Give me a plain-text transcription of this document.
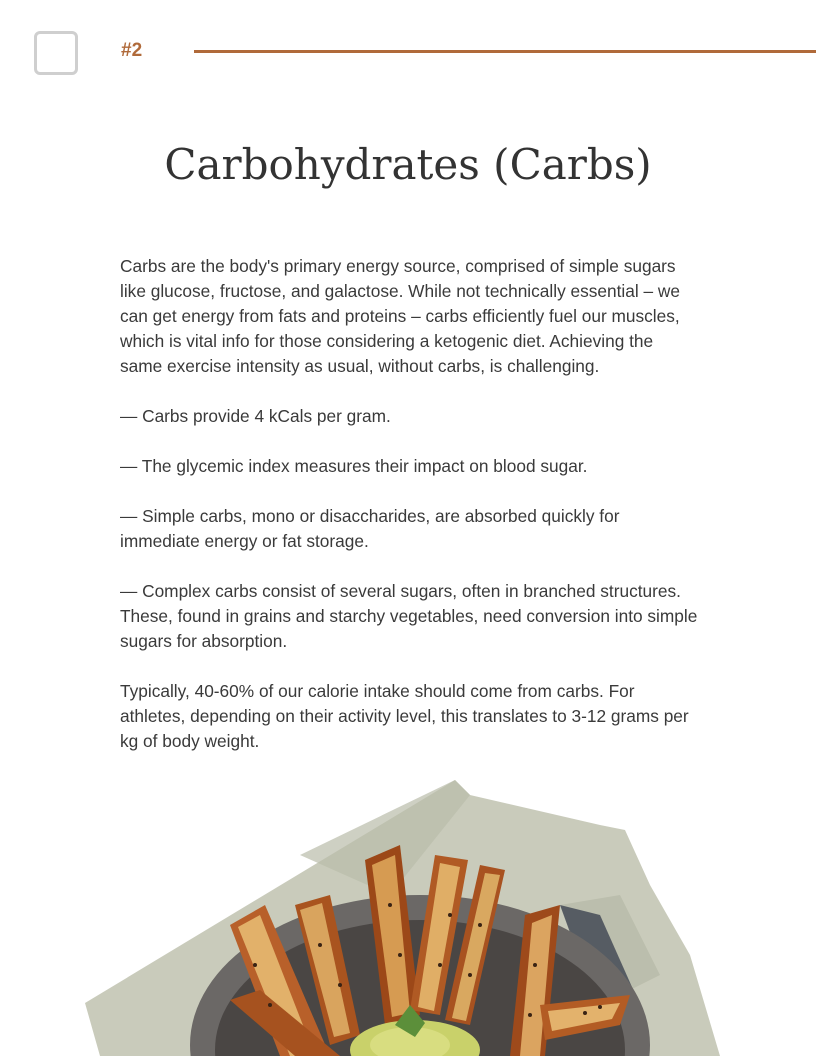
#2
Carbohydrates (Carbs)

Carbs are the body's primary energy source, comprised of simple sugars like glucose, fructose, and galactose. While not technically essential – we can get energy from fats and proteins – carbs efficiently fuel our muscles, which is vital info for those considering a ketogenic diet. Achieving the same exercise intensity as usual, without carbs, is challenging.

— Carbs provide 4 kCals per gram.

— The glycemic index measures their impact on blood sugar.

— Simple carbs, mono or disaccharides, are absorbed quickly for immediate energy or fat storage.

— Complex carbs consist of several sugars, often in branched structures. These, found in grains and starchy vegetables, need conversion into simple sugars for absorption.

Typically, 40-60% of our calorie intake should come from carbs. For athletes, depending on their activity level, this translates to 3-12 grams per kg of body weight.
